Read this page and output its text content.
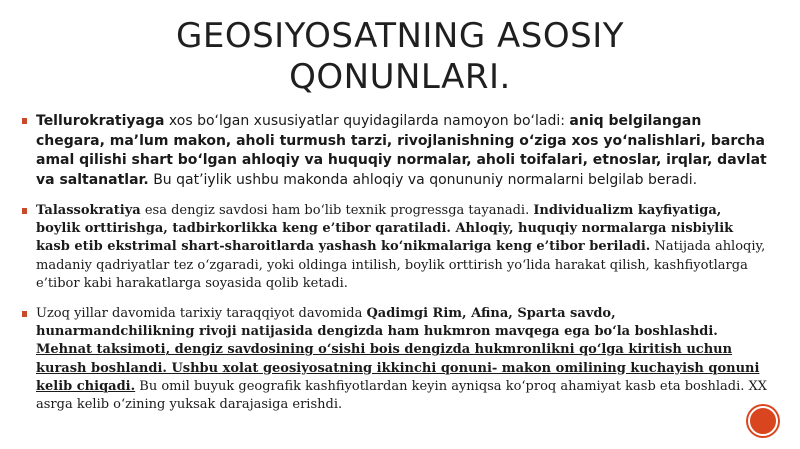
GEOSIYOSATNING ASOSIY
QONUNLARI.
Tellurokratiyaga xos bo‘lgan xususiyatlar quyidagilarda namoyon bo‘ladi: aniq belgilangan chegara, ma’lum makon, aholi turmush tarzi, rivojlanishning o‘ziga xos yo‘nalishlari, barcha amal qilishi shart bo‘lgan ahloqiy va huquqiy normalar, aholi toifalari, etnoslar, irqlar, davlat va saltanatlar. Bu qat’iylik ushbu makonda ahloqiy va qonununiy normalarni belgilab beradi.
Talassokratiya esa dengiz savdosi ham bo‘lib texnik progressga tayanadi. Individualizm kayfiyatiga, boylik orttirishga, tadbirkorlikka keng e’tibor qaratiladi. Ahloqiy, huquqiy normalarga nisbiylik kasb etib ekstrimal shart-sharoitlarda yashash ko‘nikmalariga keng e’tibor beriladi. Natijada ahloqiy, madaniy qadriyatlar tez o‘zgaradi, yoki oldinga intilish, boylik orttirish yo‘lida harakat qilish, kashfiyotlarga e’tibor kabi harakatlarga soyasida qolib ketadi.
Uzoq yillar davomida tarixiy taraqqiyot davomida Qadimgi Rim, Afina, Sparta savdo, hunarmandchilikning rivoji natijasida dengizda ham hukmron mavqega ega bo‘la boshlashdi. Mehnat taksimoti, dengiz savdosining o‘sishi bois dengizda hukmronlikni qo‘lga kiritish uchun kurash boshlandi. Ushbu xolat geosiyosatning ikkinchi qonuni- makon omilining kuchayish qonuni kelib chiqadi. Bu omil buyuk geografik kashfiyotlardan keyin ayniqsa ko‘proq ahamiyat kasb eta boshladi. XX asrga kelib o‘zining yuksak darajasiga erishdi.
